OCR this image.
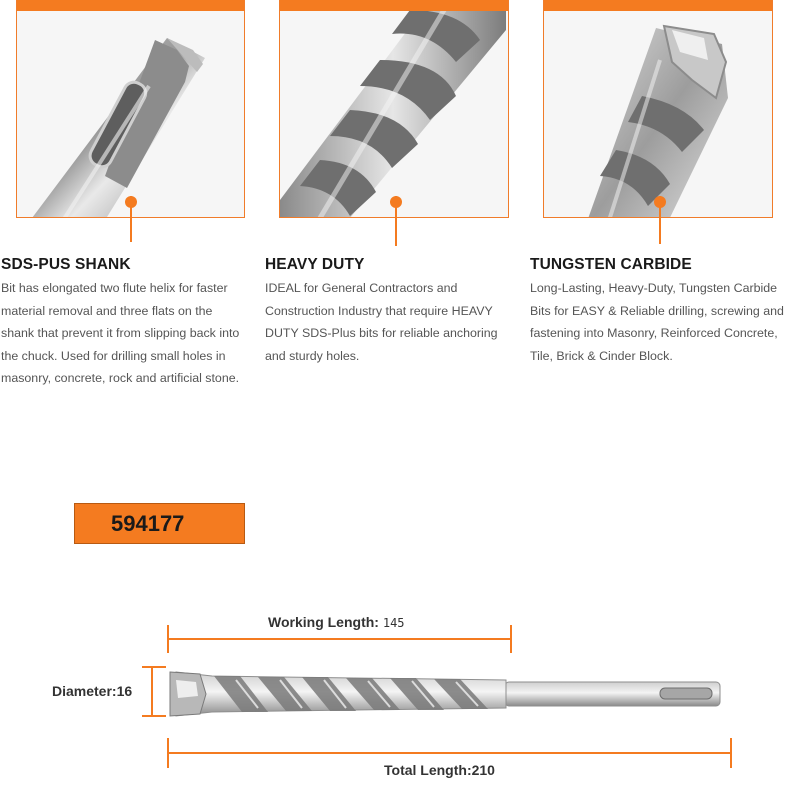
SDS-PUS SHANK

Bit has elongated two flute helix for faster material removal and three flats on the shank that prevent it from slipping back into the chuck. Used for drilling small holes in masonry, concrete, rock and artificial stone.

HEAVY DUTY

IDEAL for General Contractors and Construction Industry that require HEAVY DUTY SDS-Plus bits for reliable anchoring and sturdy holes.

TUNGSTEN CARBIDE

Long-Lasting, Heavy-Duty, Tungsten Carbide Bits for EASY & Reliable drilling, screwing and fastening into Masonry, Reinforced Concrete, Tile, Brick & Cinder Block.

594177
Working Length: 145
Diameter:16
Total Length:210
